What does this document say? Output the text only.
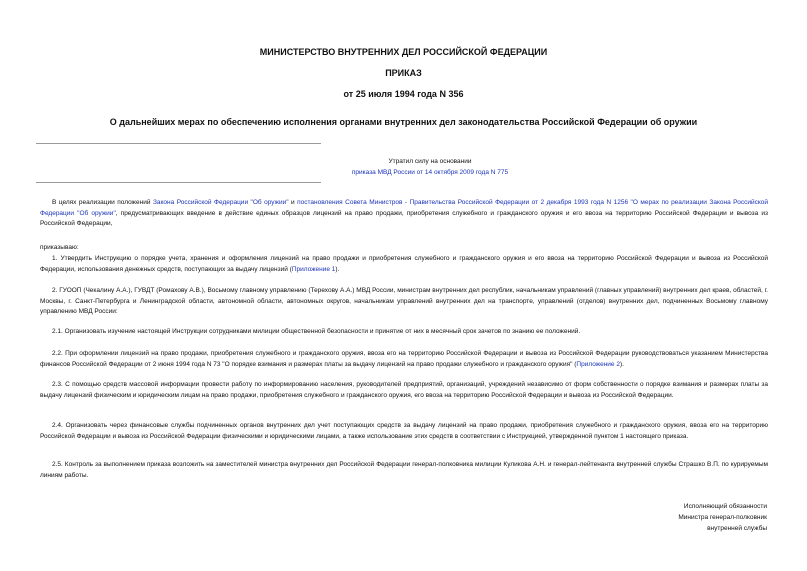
МИНИСТЕРСТВО ВНУТРЕННИХ ДЕЛ РОССИЙСКОЙ ФЕДЕРАЦИИ
ПРИКАЗ
от 25 июля 1994 года N 356
О дальнейших мерах по обеспечению исполнения органами внутренних дел законодательства Российской Федерации об оружии
Утратил силу на основании
приказа МВД России от 14 октября 2009 года N 775
В целях реализации положений Закона Российской Федерации "Об оружии" и постановления Совета Министров - Правительства Российской Федерации от 2 декабря 1993 года N 1256 "О мерах по реализации Закона Российской Федерации "Об оружии", предусматривающих введение в действие единых образцов лицензий на право продажи, приобретения служебного и гражданского оружия и его ввоза на территорию Российской Федерации и вывоза из Российской Федерации,
приказываю:
1. Утвердить Инструкцию о порядке учета, хранения и оформления лицензий на право продажи и приобретения служебного и гражданского оружия и его ввоза на территорию Российской Федерации и вывоза из Российской Федерации, использования денежных средств, поступающих за выдачу лицензий (Приложение 1).
2. ГУООП (Чекалину А.А.), ГУВДТ (Ромахову А.В.), Восьмому главному управлению (Терехову А.А.) МВД России, министрам внутренних дел республик, начальникам управлений (главных управлений) внутренних дел краев, областей, г. Москвы, г. Санкт-Петербурга и Ленинградской области, автономной области, автономных округов, начальникам управлений внутренних дел на транспорте, управлений (отделов) внутренних дел, подчиненных Восьмому главному управлению МВД России:
2.1. Организовать изучение настоящей Инструкции сотрудниками милиции общественной безопасности и принятие от них в месячный срок зачетов по знанию ее положений.
2.2. При оформлении лицензий на право продажи, приобретения служебного и гражданского оружия, ввоза его на территорию Российской Федерации и вывоза из Российской Федерации руководствоваться указанием Министерства финансов Российской Федерации от 2 июня 1994 года N 73 "О порядке взимания и размерах платы за выдачу лицензий на право продажи служебного и гражданского оружия" (Приложение 2).
2.3. С помощью средств массовой информации провести работу по информированию населения, руководителей предприятий, организаций, учреждений независимо от форм собственности о порядке взимания и размерах платы за выдачу лицензий физическим и юридическим лицам на право продажи, приобретения служебного и гражданского оружия, его ввоза на территорию Российской Федерации и вывоза из Российской Федерации.
2.4. Организовать через финансовые службы подчиненных органов внутренних дел учет поступающих средств за выдачу лицензий на право продажи, приобретения служебного и гражданского оружия, ввоза его на территорию Российской Федерации и вывоза из Российской Федерации физическими и юридическими лицами, а также использование этих средств в соответствии с Инструкцией, утвержденной пунктом 1 настоящего приказа.
2.5. Контроль за выполнением приказа возложить на заместителей министра внутренних дел Российской Федерации генерал-полковника милиции Куликова А.Н. и генерал-лейтенанта внутренней службы Страшко В.П. по курируемым линиям работы.
Исполняющий обязанности
Министра генерал-полковник
внутренней службы
